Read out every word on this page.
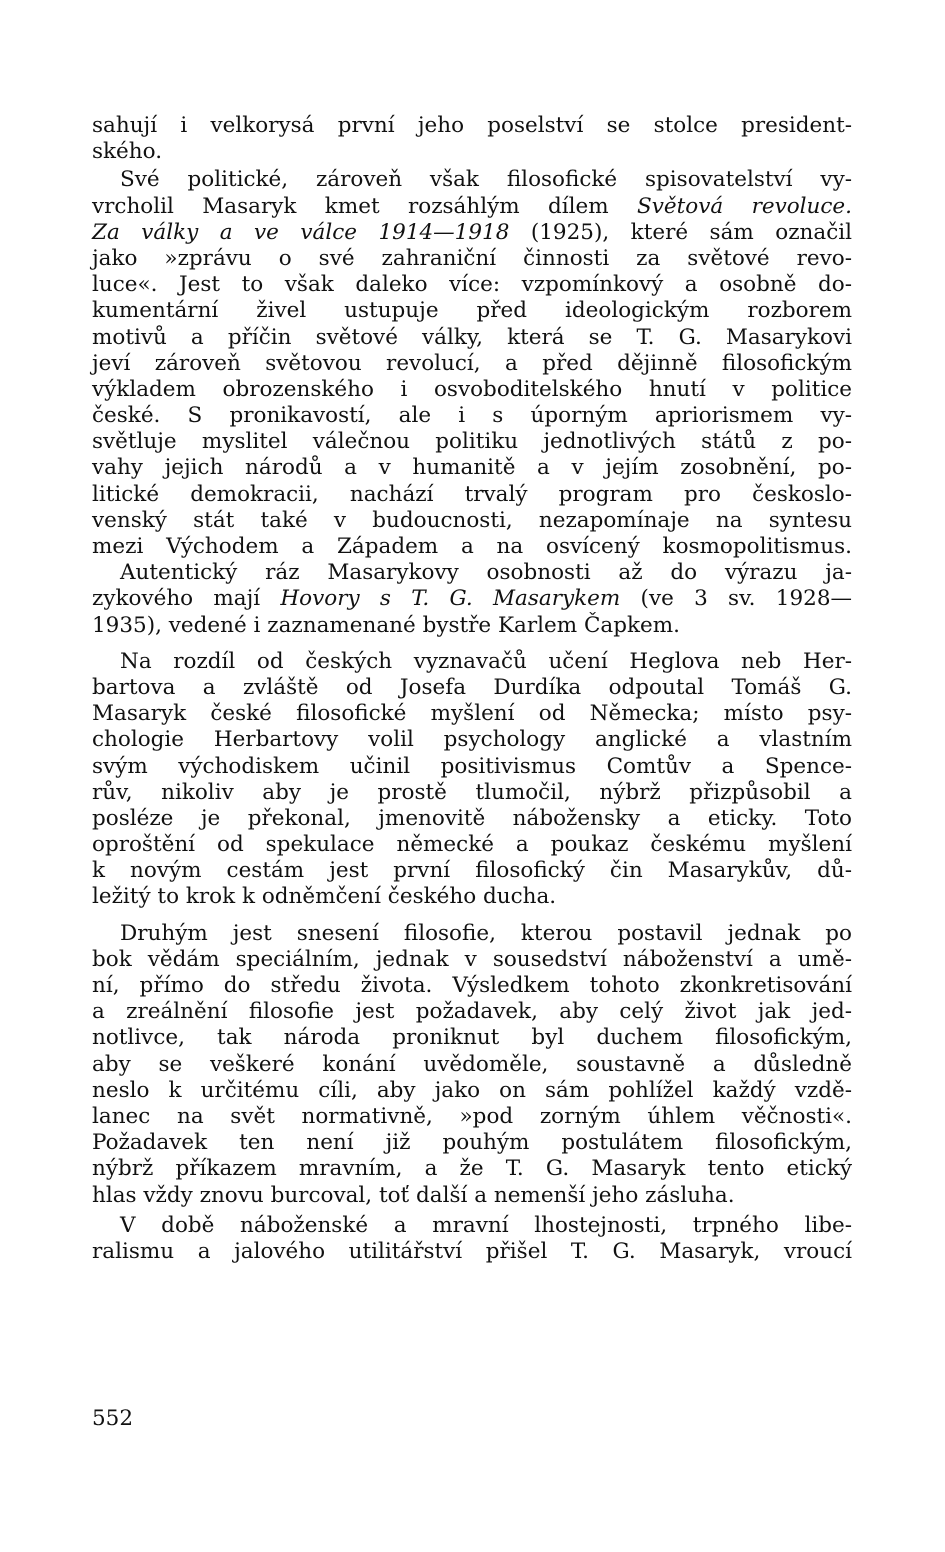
sahují i velkorysá první jeho poselství se stolce president-
ského.
Své politické, zároveň však filosofické spisovatelství vy-
vrcholil Masaryk kmet rozsáhlým dílem Světová revoluce.
Za války a ve válce 1914—1918 (1925), které sám označil
jako »zprávu o své zahraniční činnosti za světové revo-
luce«. Jest to však daleko více: vzpomínkový a osobně do-
kumentární živel ustupuje před ideologickým rozborem
motivů a příčin světové války, která se T. G. Masarykovi
jeví zároveň světovou revolucí, a před dějinně filosofickým
výkladem obrozenského i osvoboditelského hnutí v politice
české. S pronikavostí, ale i s úporným apriorismem vy-
světluje myslitel válečnou politiku jednotlivých států z po-
vahy jejich národů a v humanitě a v jejím zosobnění, po-
litické demokracii, nachází trvalý program pro českoslo-
venský stát také v budoucnosti, nezapomínaje na syntesu
mezi Východem a Západem a na osvícený kosmopolitismus.
Autentický ráz Masarykovy osobnosti až do výrazu ja-
zykového mají Hovory s T. G. Masarykem (ve 3 sv. 1928—
1935), vedené i zaznamenané bystře Karlem Čapkem.
Na rozdíl od českých vyznavačů učení Heglova neb Her-
bartova a zvláště od Josefa Durdíka odpoutal Tomáš G.
Masaryk české filosofické myšlení od Německa; místo psy-
chologie Herbartovy volil psychology anglické a vlastním
svým východiskem učinil positivismus Comtův a Spence-
rův, nikoliv aby je prostě tlumočil, nýbrž přizpůsobil a
posléze je překonal, jmenovitě nábožensky a eticky. Toto
oproštění od spekulace německé a poukaz českému myšlení
k novým cestám jest první filosofický čin Masarykův, dů-
ležitý to krok k odněmčení českého ducha.
Druhým jest snesení filosofie, kterou postavil jednak po
bok vědám speciálním, jednak v sousedství náboženství a umě-
ní, přímo do středu života. Výsledkem tohoto zkonkretisování
a zreálnění filosofie jest požadavek, aby celý život jak jed-
notlivce, tak národa proniknut byl duchem filosofickým,
aby se veškeré konání uvědoměle, soustavně a důsledně
neslo k určitému cíli, aby jako on sám pohlížel každý vzdě-
lanec na svět normativně, »pod zorným úhlem věčnosti«.
Požadavek ten není již pouhým postulátem filosofickým,
nýbrž příkazem mravním, a že T. G. Masaryk tento etický
hlas vždy znovu burcoval, toť další a nemenší jeho zásluha.
V době náboženské a mravní lhostejnosti, trpného libe-
ralismu a jalového utilitářství přišel T. G. Masaryk, vroucí
552
